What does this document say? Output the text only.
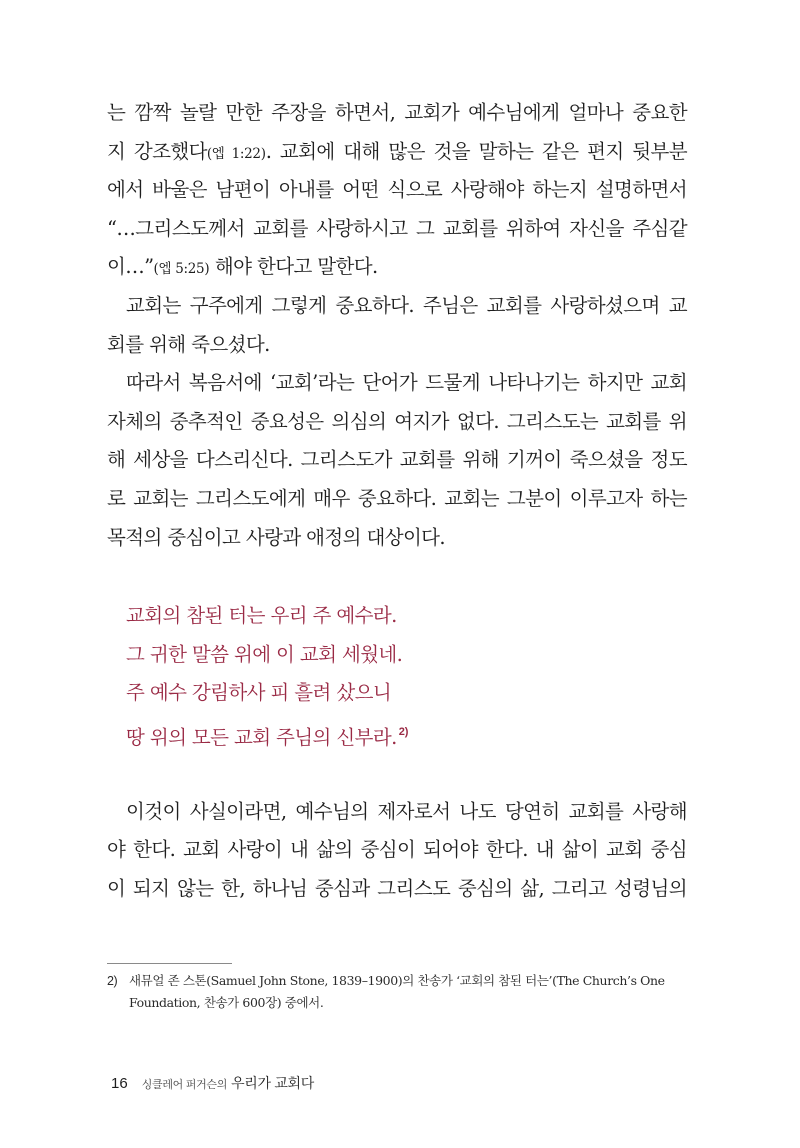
는 깜짝 놀랄 만한 주장을 하면서, 교회가 예수님에게 얼마나 중요한
지 강조했다(엡 1:22). 교회에 대해 많은 것을 말하는 같은 편지 뒷부분
에서 바울은 남편이 아내를 어떤 식으로 사랑해야 하는지 설명하면서
“…그리스도께서 교회를 사랑하시고 그 교회를 위하여 자신을 주심같
이…”(엡 5:25) 해야 한다고 말한다.
교회는 구주에게 그렇게 중요하다. 주님은 교회를 사랑하셨으며 교
회를 위해 죽으셨다.
따라서 복음서에 ‘교회’라는 단어가 드물게 나타나기는 하지만 교회
자체의 중추적인 중요성은 의심의 여지가 없다. 그리스도는 교회를 위
해 세상을 다스리신다. 그리스도가 교회를 위해 기꺼이 죽으셨을 정도
로 교회는 그리스도에게 매우 중요하다. 교회는 그분이 이루고자 하는
목적의 중심이고 사랑과 애정의 대상이다.
교회의 참된 터는 우리 주 예수라.
그 귀한 말씀 위에 이 교회 세웠네.
주 예수 강림하사 피 흘려 샀으니
땅 위의 모든 교회 주님의 신부라. $^{2)}$
이것이 사실이라면, 예수님의 제자로서 나도 당연히 교회를 사랑해
야 한다. 교회 사랑이 내 삶의 중심이 되어야 한다. 내 삶이 교회 중심
이 되지 않는 한, 하나님 중심과 그리스도 중심의 삶, 그리고 성령님의
2) 새뮤얼 존 스톤(Samuel John Stone, 1839–1900)의 찬송가 ‘교회의 참된 터는’(The Church’s One
Foundation, 찬송가 600장) 중에서.
16 싱클레어 퍼거슨의 우리가 교회다
